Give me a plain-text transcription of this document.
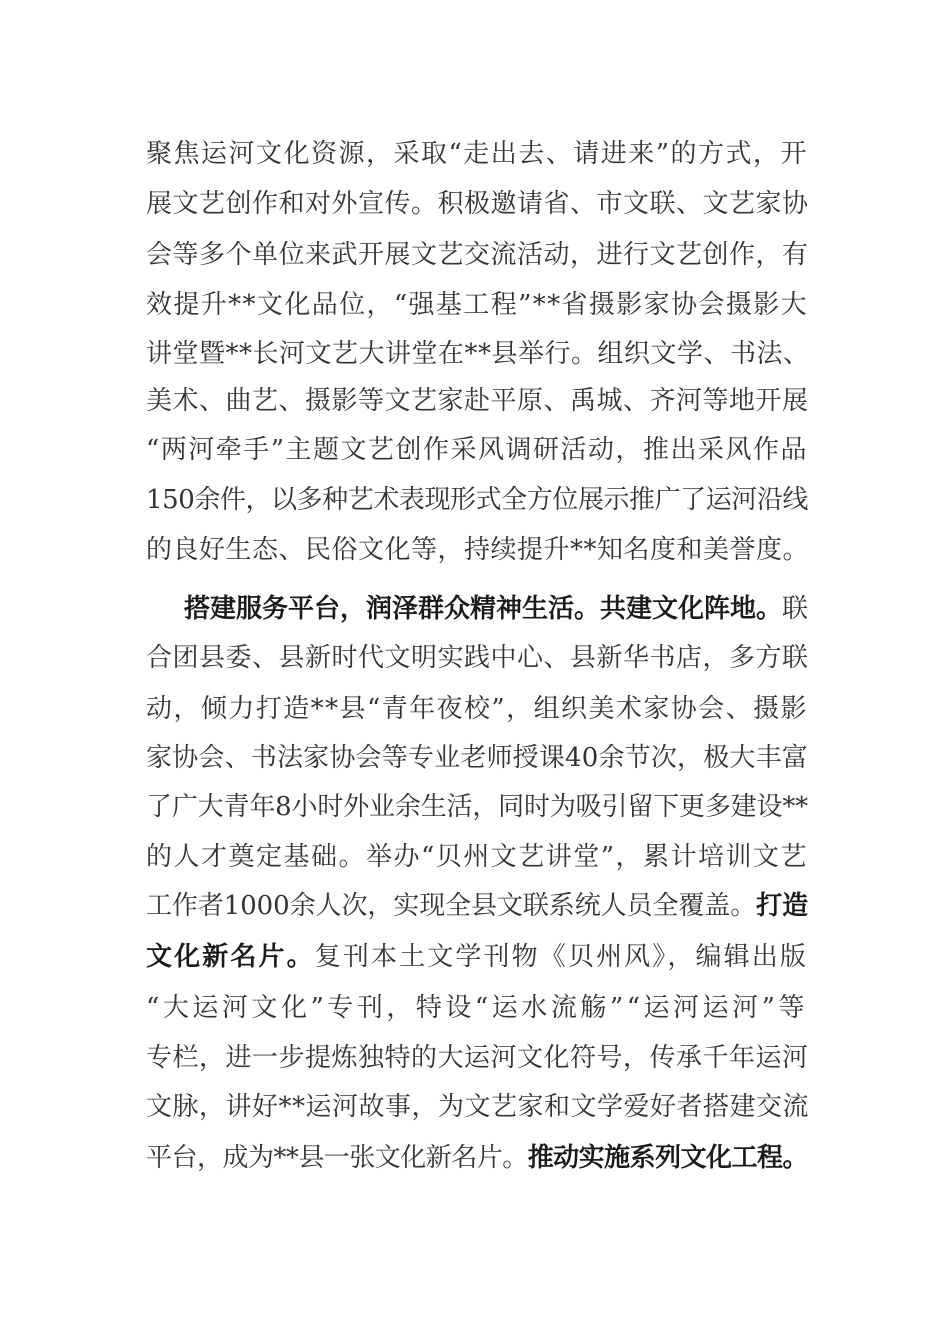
聚焦运河文化资源，采取“走出去、请进来”的方式，开
展文艺创作和对外宣传。积极邀请省、市文联、文艺家协
会等多个单位来武开展文艺交流活动，进行文艺创作，有
效提升**文化品位，“强基工程”**省摄影家协会摄影大
讲堂暨**长河文艺大讲堂在**县举行。组织文学、书法、
美术、曲艺、摄影等文艺家赴平原、禹城、齐河等地开展
“两河牵手”主题文艺创作采风调研活动，推出采风作品
150余件，以多种艺术表现形式全方位展示推广了运河沿线
的良好生态、民俗文化等，持续提升**知名度和美誉度。
搭建服务平台，润泽群众精神生活。共建文化阵地。联
合团县委、县新时代文明实践中心、县新华书店，多方联
动，倾力打造**县“青年夜校”，组织美术家协会、摄影
家协会、书法家协会等专业老师授课40余节次，极大丰富
了广大青年8小时外业余生活，同时为吸引留下更多建设**
的人才奠定基础。举办“贝州文艺讲堂”，累计培训文艺
工作者1000余人次，实现全县文联系统人员全覆盖。打造
文化新名片。复刊本土文学刊物《贝州风》，编辑出版
“大运河文化”专刊，特设“运水流觞”“运河运河”等
专栏，进一步提炼独特的大运河文化符号，传承千年运河
文脉，讲好**运河故事，为文艺家和文学爱好者搭建交流
平台，成为**县一张文化新名片。推动实施系列文化工程。
